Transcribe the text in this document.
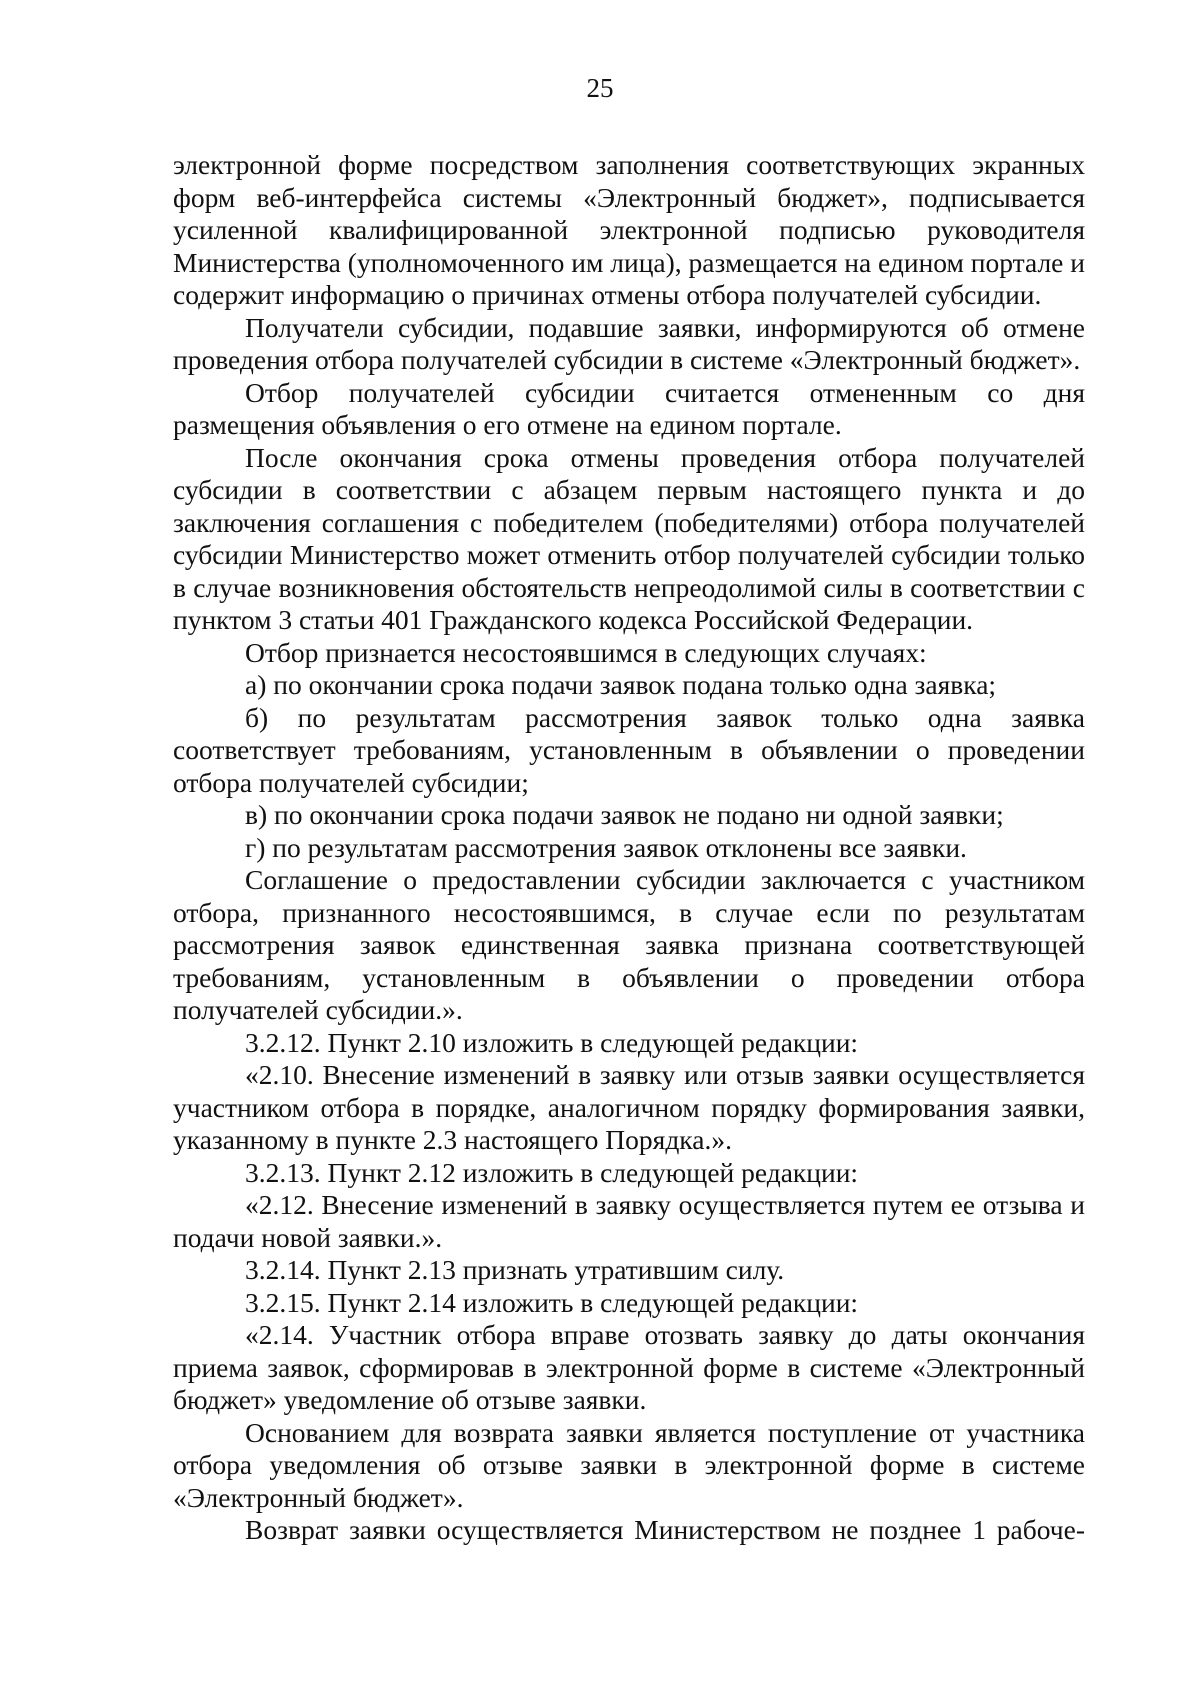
25

электронной форме посредством заполнения соответствующих экранных форм веб-интерфейса системы «Электронный бюджет», подписывается усиленной квалифицированной электронной подписью руководителя Министерства (уполномоченного им лица), размещается на едином портале и содержит информацию о причинах отмены отбора получателей субсидии.

Получатели субсидии, подавшие заявки, информируются об отмене проведения отбора получателей субсидии в системе «Электронный бюджет».

Отбор получателей субсидии считается отмененным со дня размещения объявления о его отмене на едином портале.

После окончания срока отмены проведения отбора получателей субсидии в соответствии с абзацем первым настоящего пункта и до заключения соглашения с победителем (победителями) отбора получателей субсидии Министерство может отменить отбор получателей субсидии только в случае возникновения обстоятельств непреодолимой силы в соответствии с пунктом 3 статьи 401 Гражданского кодекса Российской Федерации.

Отбор признается несостоявшимся в следующих случаях:

а) по окончании срока подачи заявок подана только одна заявка;

б) по результатам рассмотрения заявок только одна заявка соответствует требованиям, установленным в объявлении о проведении отбора получателей субсидии;

в) по окончании срока подачи заявок не подано ни одной заявки;

г) по результатам рассмотрения заявок отклонены все заявки.

Соглашение о предоставлении субсидии заключается с участником отбора, признанного несостоявшимся, в случае если по результатам рассмотрения заявок единственная заявка признана соответствующей требованиям, установленным в объявлении о проведении отбора получателей субсидии.».

3.2.12. Пункт 2.10 изложить в следующей редакции:

«2.10. Внесение изменений в заявку или отзыв заявки осуществляется участником отбора в порядке, аналогичном порядку формирования заявки, указанному в пункте 2.3 настоящего Порядка.».

3.2.13. Пункт 2.12 изложить в следующей редакции:

«2.12. Внесение изменений в заявку осуществляется путем ее отзыва и подачи новой заявки.».

3.2.14. Пункт 2.13 признать утратившим силу.

3.2.15. Пункт 2.14 изложить в следующей редакции:

«2.14. Участник отбора вправе отозвать заявку до даты окончания приема заявок, сформировав в электронной форме в системе «Электронный бюджет» уведомление об отзыве заявки.

Основанием для возврата заявки является поступление от участника отбора уведомления об отзыве заявки в электронной форме в системе «Электронный бюджет».

Возврат заявки осуществляется Министерством не позднее 1 рабоче-
